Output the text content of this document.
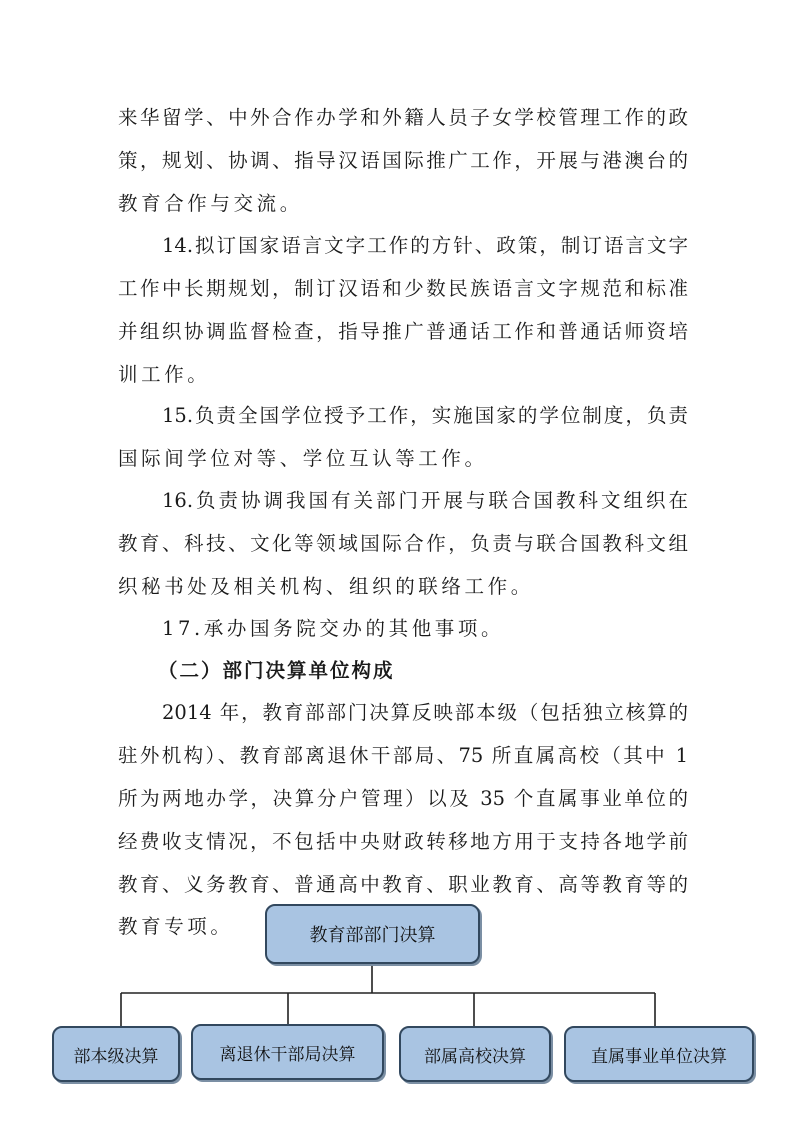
来华留学、中外合作办学和外籍人员子女学校管理工作的政
策，规划、协调、指导汉语国际推广工作，开展与港澳台的
教育合作与交流。
14.拟订国家语言文字工作的方针、政策，制订语言文字
工作中长期规划，制订汉语和少数民族语言文字规范和标准
并组织协调监督检查，指导推广普通话工作和普通话师资培
训工作。
15.负责全国学位授予工作，实施国家的学位制度，负责
国际间学位对等、学位互认等工作。
16.负责协调我国有关部门开展与联合国教科文组织在
教育、科技、文化等领域国际合作，负责与联合国教科文组
织秘书处及相关机构、组织的联络工作。
17.承办国务院交办的其他事项。
（二）部门决算单位构成
2014 年，教育部部门决算反映部本级（包括独立核算的
驻外机构）、教育部离退休干部局、75 所直属高校（其中 1
所为两地办学，决算分户管理）以及 35 个直属事业单位的
经费收支情况，不包括中央财政转移地方用于支持各地学前
教育、义务教育、普通高中教育、职业教育、高等教育等的
教育专项。	教育部部门决算
部本级决算	离退休干部局决算	部属高校决算	直属事业单位决算
